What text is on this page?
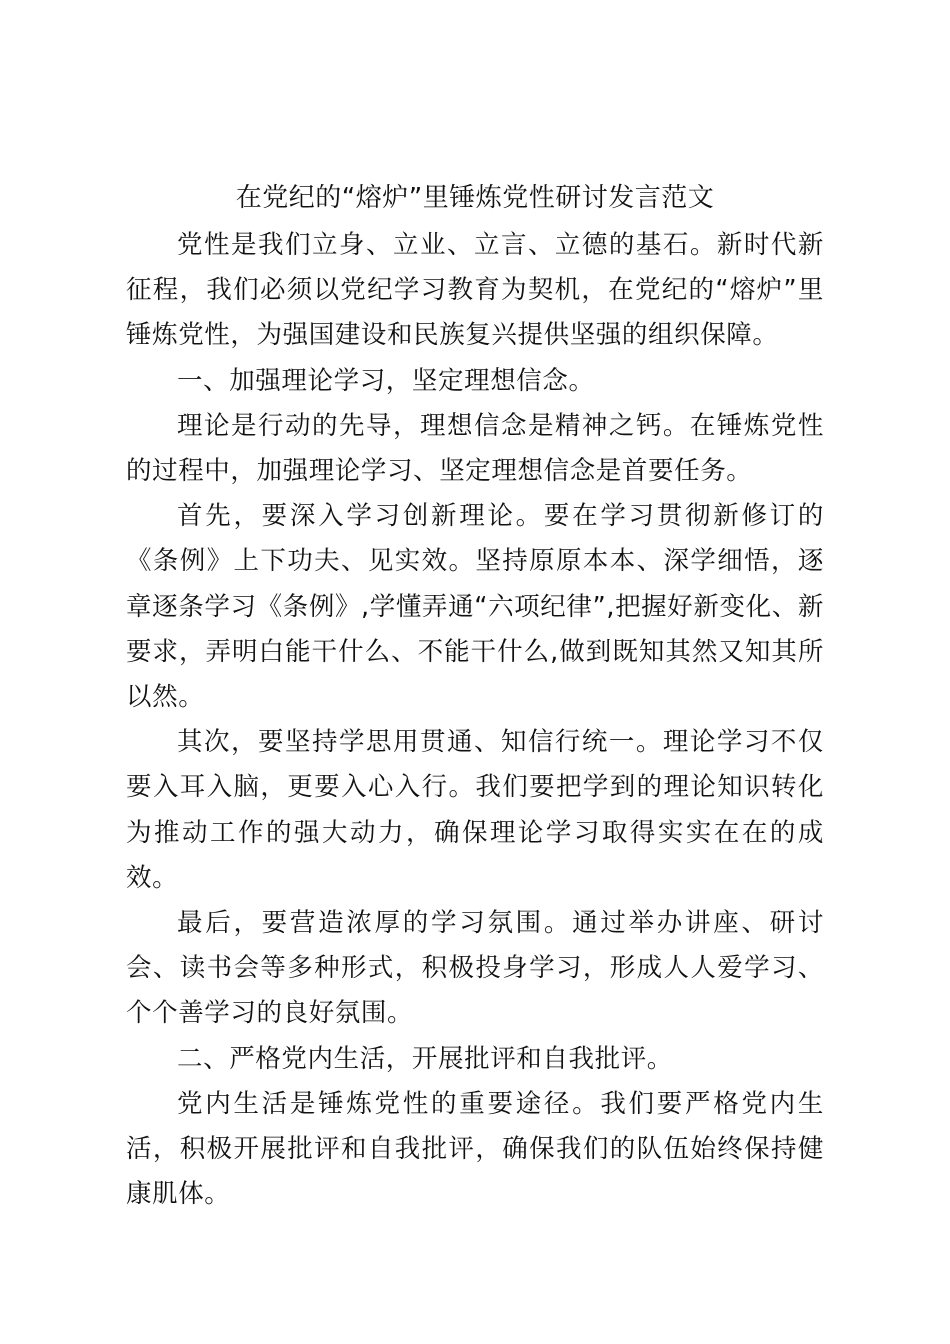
在党纪的“熔炉”里锤炼党性研讨发言范文

党性是我们立身、立业、立言、立德的基石。新时代新征程，我们必须以党纪学习教育为契机，在党纪的“熔炉”里锤炼党性，为强国建设和民族复兴提供坚强的组织保障。

一、加强理论学习，坚定理想信念。

理论是行动的先导，理想信念是精神之钙。在锤炼党性的过程中，加强理论学习、坚定理想信念是首要任务。

首先，要深入学习创新理论。要在学习贯彻新修订的《条例》上下功夫、见实效。坚持原原本本、深学细悟，逐章逐条学习《条例》,学懂弄通“六项纪律”,把握好新变化、新要求，弄明白能干什么、不能干什么,做到既知其然又知其所以然。

其次，要坚持学思用贯通、知信行统一。理论学习不仅要入耳入脑，更要入心入行。我们要把学到的理论知识转化为推动工作的强大动力，确保理论学习取得实实在在的成效。

最后，要营造浓厚的学习氛围。通过举办讲座、研讨会、读书会等多种形式，积极投身学习，形成人人爱学习、个个善学习的良好氛围。

二、严格党内生活，开展批评和自我批评。

党内生活是锤炼党性的重要途径。我们要严格党内生活，积极开展批评和自我批评，确保我们的队伍始终保持健康肌体。
